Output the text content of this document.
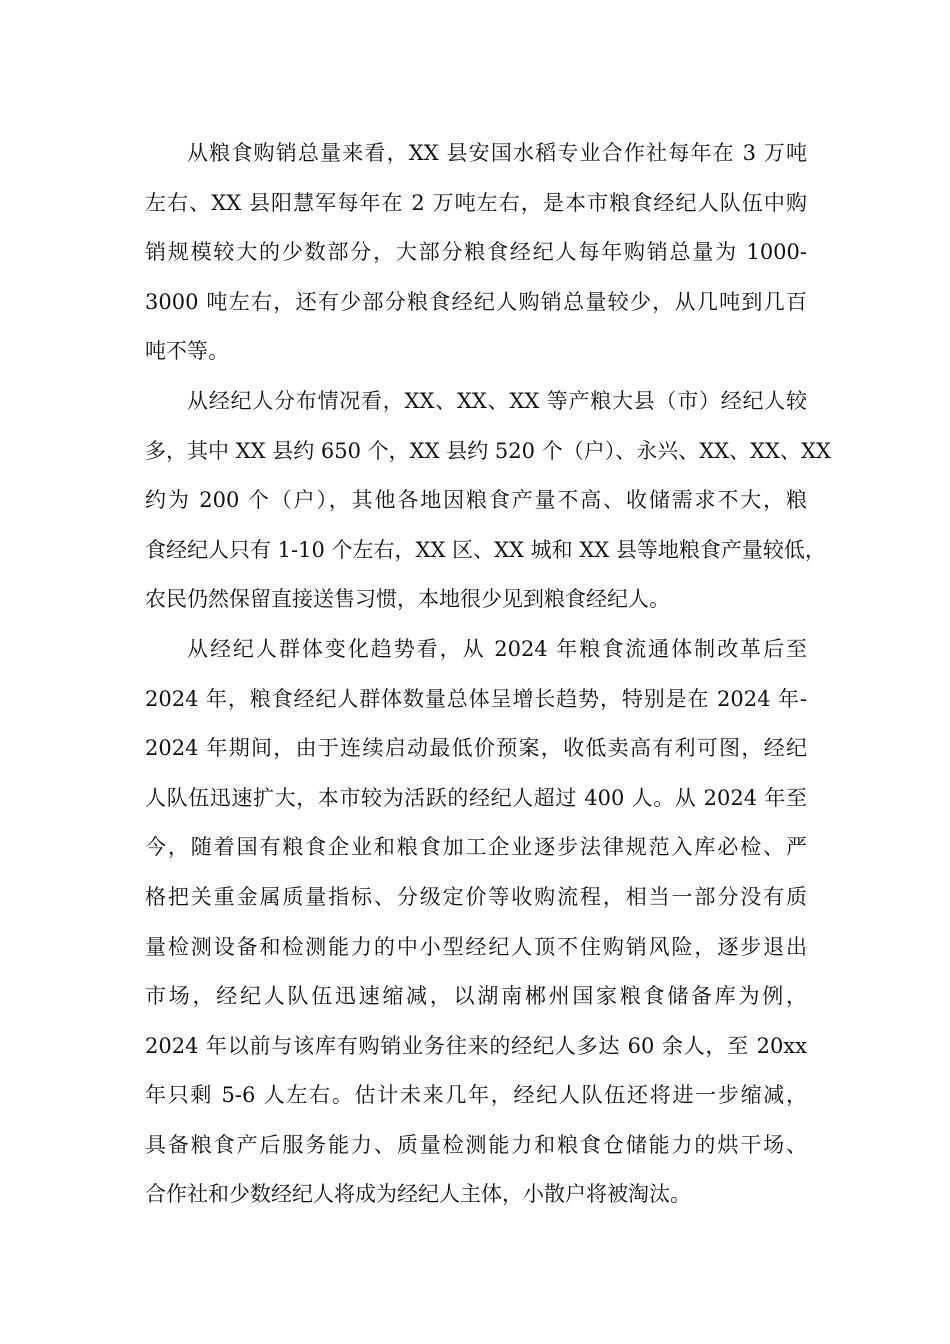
从粮食购销总量来看，XX 县安国水稻专业合作社每年在 3 万吨
左右、XX 县阳慧军每年在 2 万吨左右，是本市粮食经纪人队伍中购
销规模较大的少数部分，大部分粮食经纪人每年购销总量为 1000-
3000 吨左右，还有少部分粮食经纪人购销总量较少，从几吨到几百
吨不等。
从经纪人分布情况看，XX、XX、XX 等产粮大县（市）经纪人较
多，其中 XX 县约 650 个，XX 县约 520 个（户）、永兴、XX、XX、XX
约为 200 个（户），其他各地因粮食产量不高、收储需求不大，粮
食经纪人只有 1-10 个左右，XX 区、XX 城和 XX 县等地粮食产量较低，
农民仍然保留直接送售习惯，本地很少见到粮食经纪人。
从经纪人群体变化趋势看，从 2024 年粮食流通体制改革后至
2024 年，粮食经纪人群体数量总体呈增长趋势，特别是在 2024 年-
2024 年期间，由于连续启动最低价预案，收低卖高有利可图，经纪
人队伍迅速扩大，本市较为活跃的经纪人超过 400 人。从 2024 年至
今，随着国有粮食企业和粮食加工企业逐步法律规范入库必检、严
格把关重金属质量指标、分级定价等收购流程，相当一部分没有质
量检测设备和检测能力的中小型经纪人顶不住购销风险，逐步退出
市场，经纪人队伍迅速缩减，以湖南郴州国家粮食储备库为例，
2024 年以前与该库有购销业务往来的经纪人多达 60 余人，至 20xx
年只剩 5-6 人左右。估计未来几年，经纪人队伍还将进一步缩减，
具备粮食产后服务能力、质量检测能力和粮食仓储能力的烘干场、
合作社和少数经纪人将成为经纪人主体，小散户将被淘汰。
